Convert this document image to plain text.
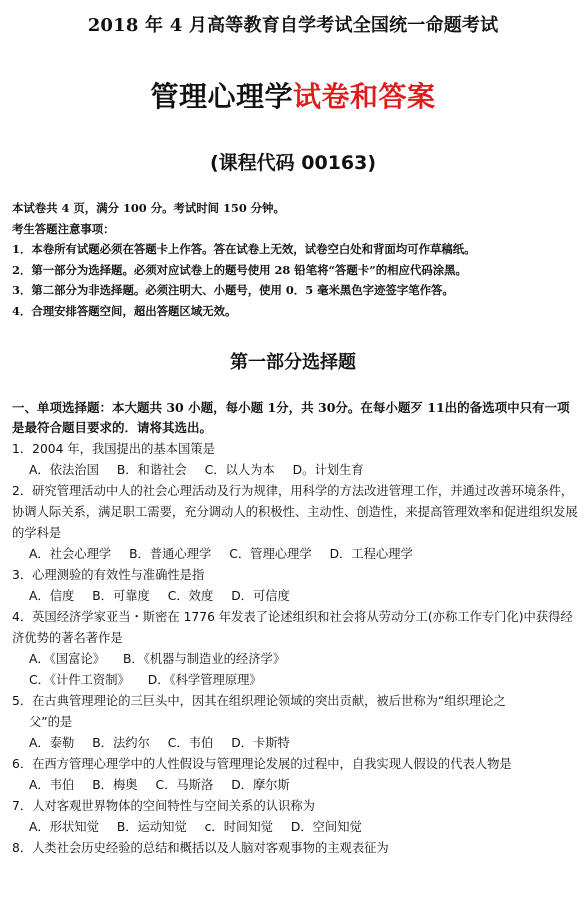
2018 年 4 月高等教育自学考试全国统一命题考试
管理心理学试卷和答案
(课程代码 00163)
本试卷共 4 页，满分 100 分。考试时间 150 分钟。
考生答题注意事项：
1．本卷所有试题必须在答题卡上作答。答在试卷上无效，试卷空白处和背面均可作草稿纸。
2．第一部分为选择题。必须对应试卷上的题号使用 28 铅笔将“答题卡”的相应代码涂黑。
3．第二部分为非选择题。必须注明大、小题号，使用 0．5 毫米黑色字迹签字笔作答。
4．合理安排答题空间，超出答题区域无效。
第一部分选择题
一、单项选择题：本大题共 30 小题，每小题 1分，共 30分。在每小题歹 11出的备选项中只有一项是最符合题目要求的．请将其选出。

1．2004 年，我国提出的基本国策是

A．依法治国 B．和谐社会 C．以人为本 D。计划生育

2．研究管理活动中人的社会心理活动及行为规律，用科学的方法改进管理工作，并通过改善环境条件，协调人际关系，满足职工需要，充分调动人的积极性、主动性、创造性，来提高管理效率和促进组织发展的学科是

A．社会心理学 B．普通心理学 C．管理心理学 D．工程心理学

3．心理测验的有效性与准确性是指

A．信度 B．可靠度 C．效度 D．可信度

4．英国经济学家亚当・斯密在 1776 年发表了论述组织和社会将从劳动分工(亦称工作专门化)中获得经济优势的著名著作是

A．《国富论》 B．《机器与制造业的经济学》

C．《计件工资制》 D．《科学管理原理》

5．在古典管理理论的三巨头中，因其在组织理论领域的突出贡献，被后世称为“组织理论之

父”的是

A．泰勒 B．法约尔 C．韦伯 D．卡斯特

6．在西方管理心理学中的人性假设与管理理论发展的过程中，自我实现人假设的代表人物是

A．韦伯 B．梅奥 C．马斯洛 D．摩尔斯

7．人对客观世界物体的空间特性与空间关系的认识称为

A．形状知觉 B．运动知觉 c．时间知觉 D．空间知觉

8．人类社会历史经验的总结和概括以及人脑对客观事物的主观表征为
